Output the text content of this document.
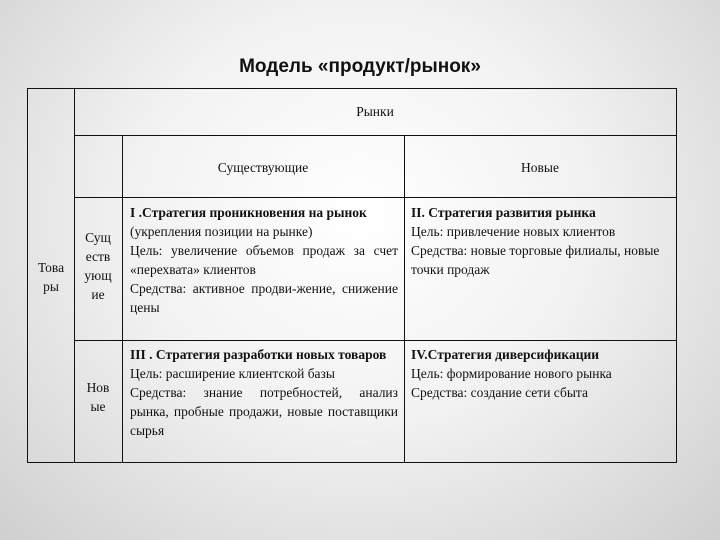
Модель «продукт/рынок»
Рынки
Существующие	Новые
Това ры
Сущ еств ующ ие
Нов ые

I .Стратегия проникновения на рынок

(укрепления позиции на рынке)

Цель: увеличение объемов продаж за счет «перехвата» клиентов

Средства: активное продви-жение, снижение цены

II. Стратегия развития рынка

Цель: привлечение новых клиентов

Средства: новые торговые филиалы, новые точки продаж

III . Стратегия разработки новых товаров

Цель: расширение клиентской базы

Средства: знание потребностей, анализ рынка, пробные продажи, новые поставщики сырья

IV.Стратегия диверсификации

Цель: формирование нового рынка

Средства: создание сети сбыта
